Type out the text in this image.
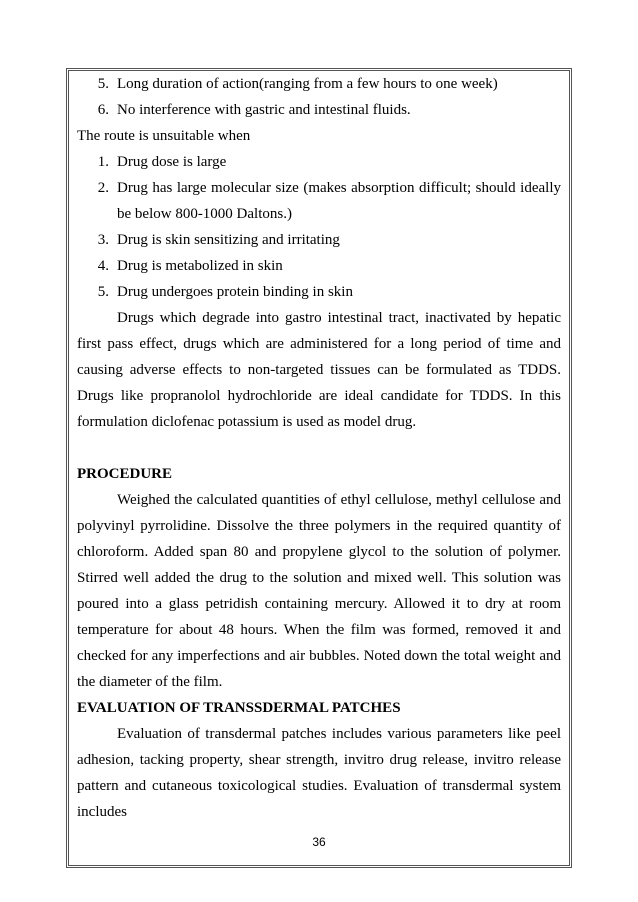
5. Long duration of action(ranging from a few hours to one week)
6. No interference with gastric and intestinal fluids.
The route is unsuitable when
1. Drug dose is large
2. Drug has large molecular size (makes absorption difficult; should ideally be below 800-1000 Daltons.)
3. Drug is skin sensitizing and irritating
4. Drug is metabolized in skin
5. Drug undergoes protein binding in skin

Drugs which degrade into gastro intestinal tract, inactivated by hepatic first pass effect, drugs which are administered for a long period of time and causing adverse effects to non-targeted tissues can be formulated as TDDS. Drugs like propranolol hydrochloride are ideal candidate for TDDS. In this formulation diclofenac potassium is used as model drug.

PROCEDURE

Weighed the calculated quantities of ethyl cellulose, methyl cellulose and polyvinyl pyrrolidine. Dissolve the three polymers in the required quantity of chloroform. Added span 80 and propylene glycol to the solution of polymer. Stirred well added the drug to the solution and mixed well. This solution was poured into a glass petridish containing mercury. Allowed it to dry at room temperature for about 48 hours. When the film was formed, removed it and checked for any imperfections and air bubbles. Noted down the total weight and the diameter of the film.

EVALUATION OF TRANSSDERMAL PATCHES

Evaluation of transdermal patches includes various parameters like peel adhesion, tacking property, shear strength, invitro drug release, invitro release pattern and cutaneous toxicological studies. Evaluation of transdermal system includes

36
